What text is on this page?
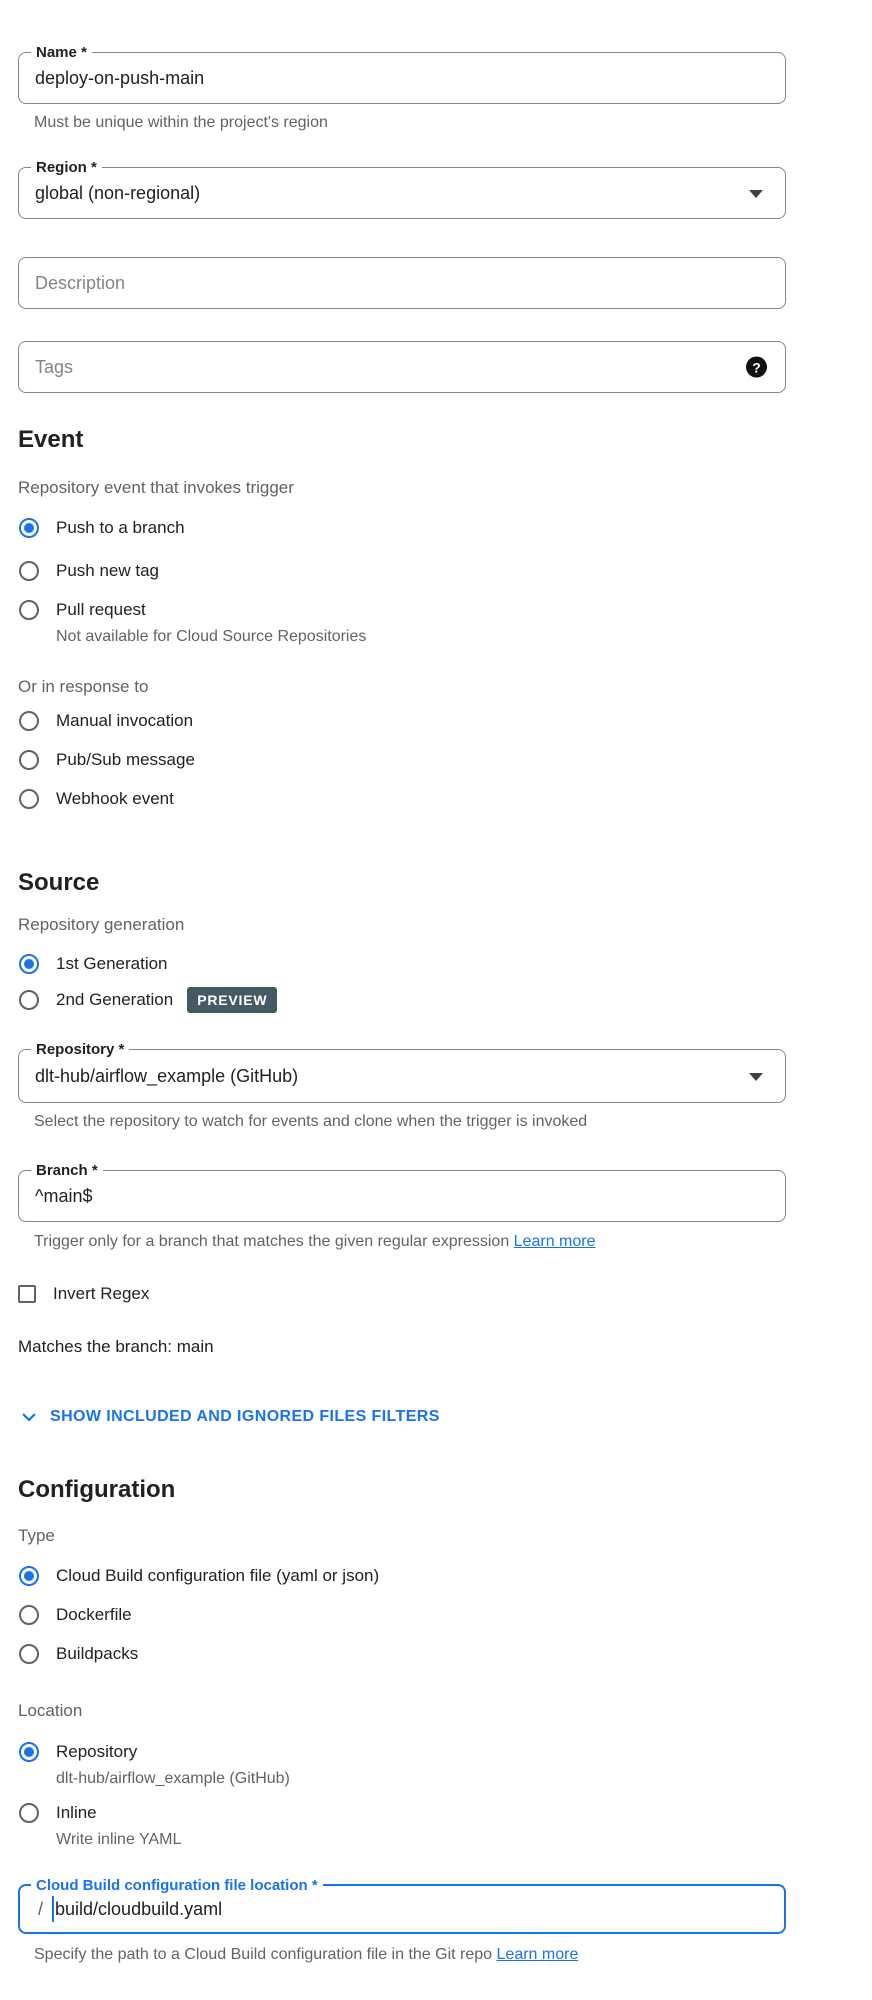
Name *
deploy-on-push-main
Must be unique within the project's region
Region *
global (non-regional)
Description
Tags
?
Event
Repository event that invokes trigger
Push to a branch
Push new tag
Pull request
Not available for Cloud Source Repositories
Or in response to
Manual invocation
Pub/Sub message
Webhook event
Source
Repository generation
1st Generation
2nd Generation	PREVIEW
Repository *
dlt-hub/airflow_example (GitHub)
Select the repository to watch for events and clone when the trigger is invoked
Branch *
^main$
Trigger only for a branch that matches the given regular expression Learn more
Invert Regex
Matches the branch: main
SHOW INCLUDED AND IGNORED FILES FILTERS
Configuration
Type
Cloud Build configuration file (yaml or json)
Dockerfile
Buildpacks
Location
Repository
dlt-hub/airflow_example (GitHub)
Inline
Write inline YAML
Cloud Build configuration file location *
/ build/cloudbuild.yaml
Specify the path to a Cloud Build configuration file in the Git repo Learn more
